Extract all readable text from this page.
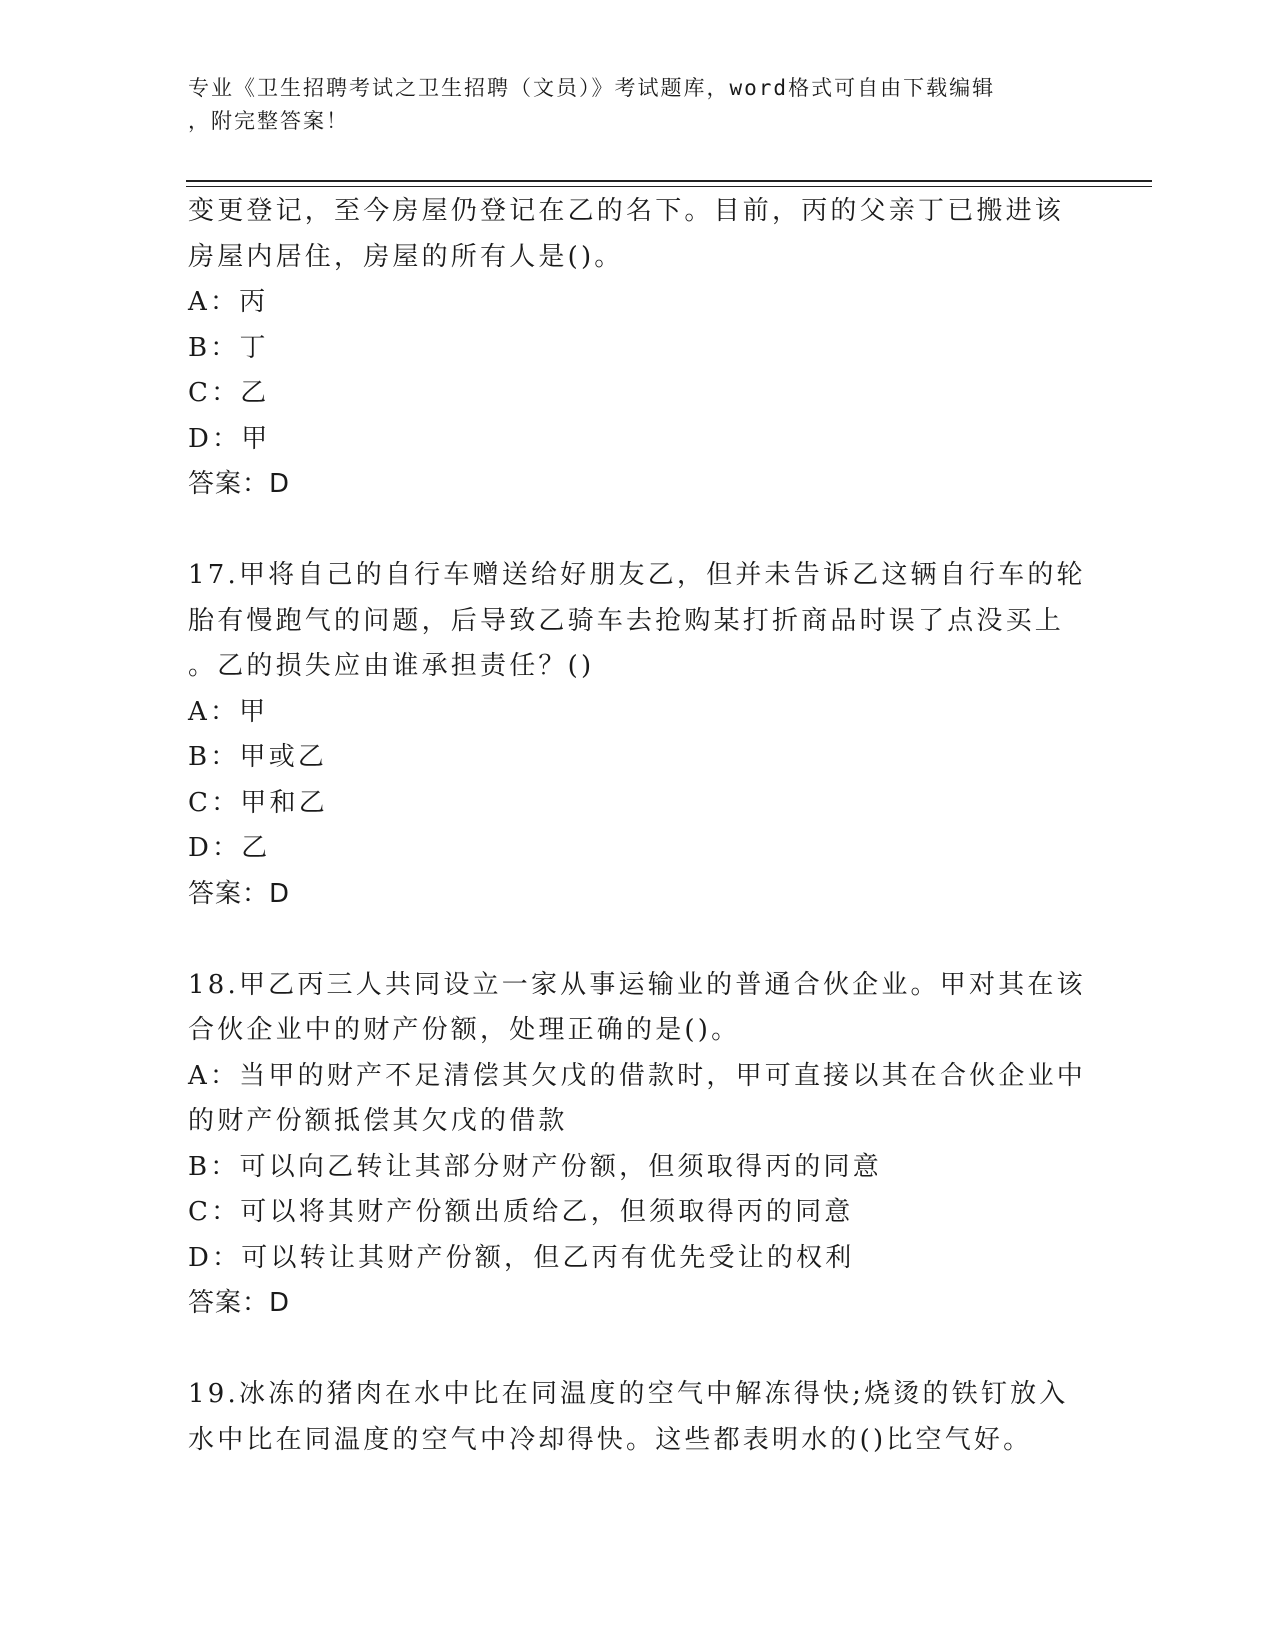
专业《卫生招聘考试之卫生招聘（文员）》考试题库，word格式可自由下载编辑
，附完整答案！
变更登记，至今房屋仍登记在乙的名下。目前，丙的父亲丁已搬进该
房屋内居住，房屋的所有人是()。
A：丙
B：丁
C：乙
D：甲
答案：D
17.甲将自己的自行车赠送给好朋友乙，但并未告诉乙这辆自行车的轮
胎有慢跑气的问题，后导致乙骑车去抢购某打折商品时误了点没买上
。乙的损失应由谁承担责任？()
A：甲
B：甲或乙
C：甲和乙
D：乙
答案：D
18.甲乙丙三人共同设立一家从事运输业的普通合伙企业。甲对其在该
合伙企业中的财产份额，处理正确的是()。
A：当甲的财产不足清偿其欠戊的借款时，甲可直接以其在合伙企业中
的财产份额抵偿其欠戊的借款
B：可以向乙转让其部分财产份额，但须取得丙的同意
C：可以将其财产份额出质给乙，但须取得丙的同意
D：可以转让其财产份额，但乙丙有优先受让的权利
答案：D
19.冰冻的猪肉在水中比在同温度的空气中解冻得快;烧烫的铁钉放入
水中比在同温度的空气中冷却得快。这些都表明水的()比空气好。
